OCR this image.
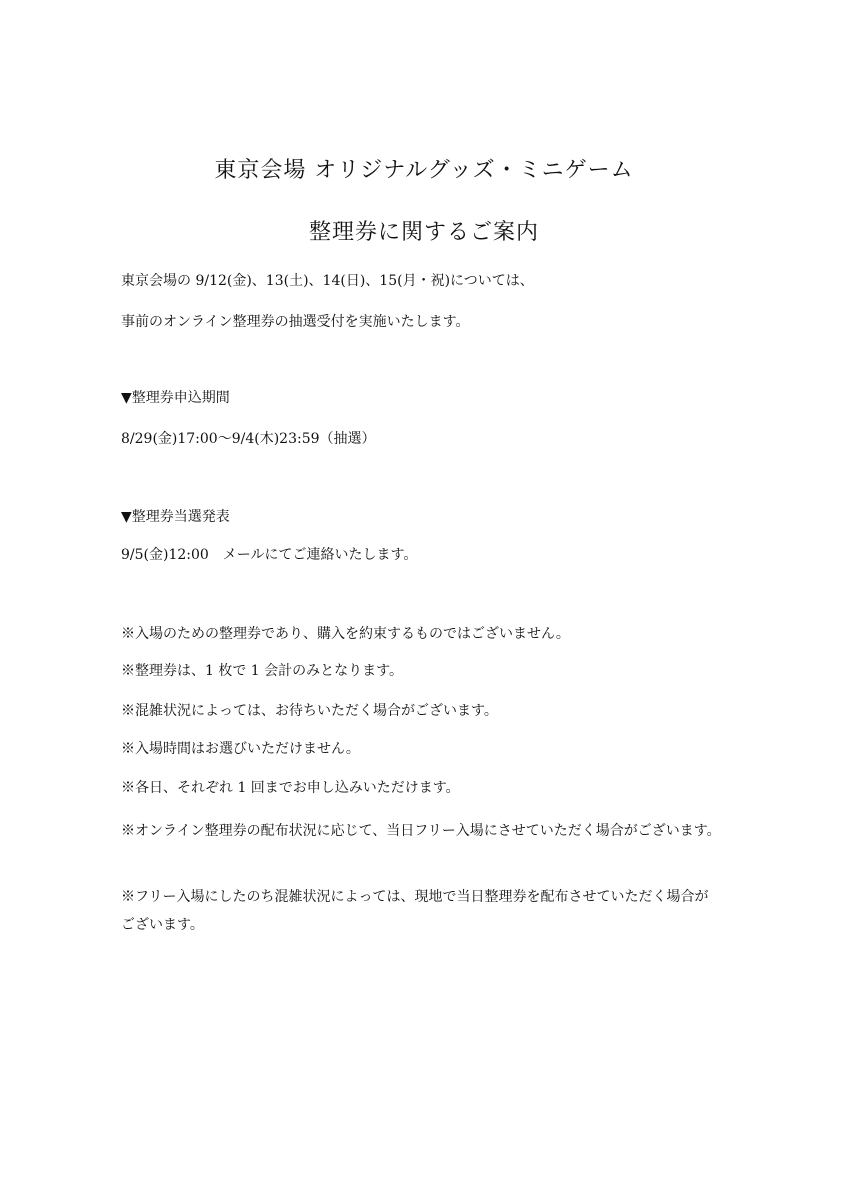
東京会場 オリジナルグッズ・ミニゲーム
整理券に関するご案内
東京会場の 9/12(金)、13(土)、14(日)、15(月・祝)については、
事前のオンライン整理券の抽選受付を実施いたします。
▼整理券申込期間
8/29(金)17:00～9/4(木)23:59（抽選）
▼整理券当選発表
9/5(金)12:00　メールにてご連絡いたします。
※入場のための整理券であり、購入を約束するものではございません。
※整理券は、1 枚で 1 会計のみとなります。
※混雑状況によっては、お待ちいただく場合がございます。
※入場時間はお選びいただけません。
※各日、それぞれ 1 回までお申し込みいただけます。
※オンライン整理券の配布状況に応じて、当日フリー入場にさせていただく場合がございます。
※フリー入場にしたのち混雑状況によっては、現地で当日整理券を配布させていただく場合がございます。
